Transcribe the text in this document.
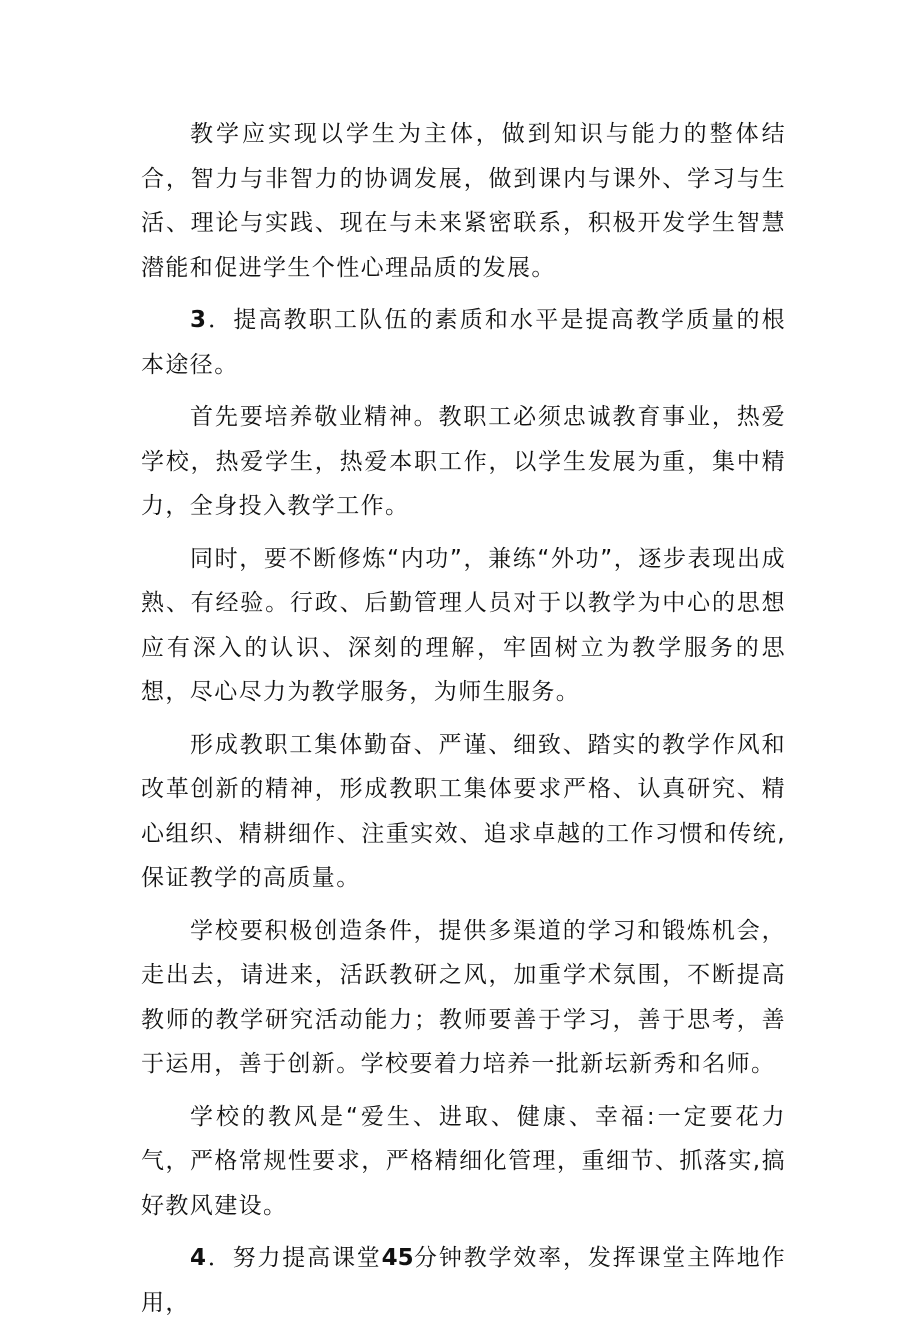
教学应实现以学生为主体，做到知识与能力的整体结合，智力与非智力的协调发展，做到课内与课外、学习与生活、理论与实践、现在与未来紧密联系，积极开发学生智慧潜能和促进学生个性心理品质的发展。

3．提高教职工队伍的素质和水平是提高教学质量的根本途径。

首先要培养敬业精神。教职工必须忠诚教育事业，热爱学校，热爱学生，热爱本职工作，以学生发展为重，集中精力，全身投入教学工作。

同时，要不断修炼“内功”，兼练“外功”，逐步表现出成熟、有经验。行政、后勤管理人员对于以教学为中心的思想应有深入的认识、深刻的理解，牢固树立为教学服务的思想，尽心尽力为教学服务，为师生服务。

形成教职工集体勤奋、严谨、细致、踏实的教学作风和改革创新的精神，形成教职工集体要求严格、认真研究、精心组织、精耕细作、注重实效、追求卓越的工作习惯和传统,保证教学的高质量。

学校要积极创造条件，提供多渠道的学习和锻炼机会，走出去，请进来，活跃教研之风，加重学术氛围，不断提高教师的教学研究活动能力；教师要善于学习，善于思考，善于运用，善于创新。学校要着力培养一批新坛新秀和名师。

学校的教风是“爱生、进取、健康、幸福:一定要花力气，严格常规性要求，严格精细化管理，重细节、抓落实,搞好教风建设。

4．努力提高课堂45分钟教学效率，发挥课堂主阵地作用，
